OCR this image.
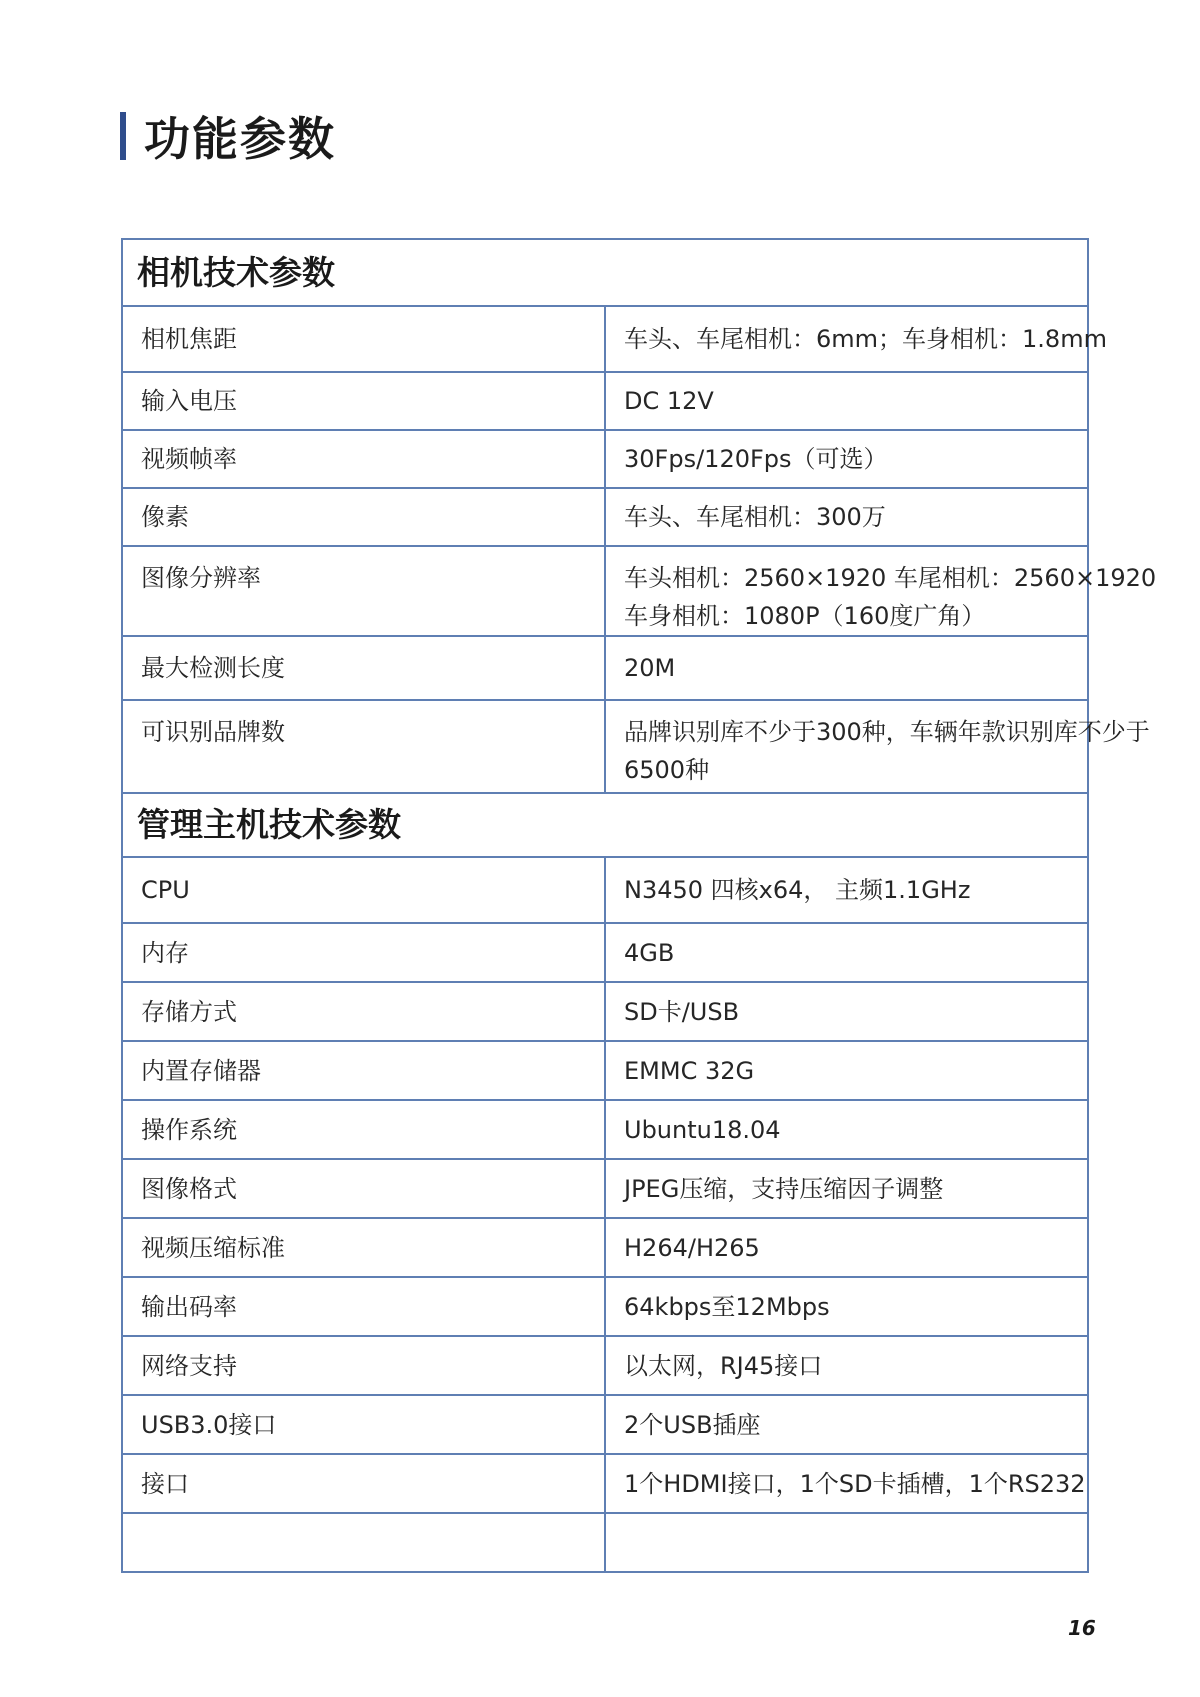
功能参数
相机技术参数	
相机焦距	车头、车尾相机：6mm；车身相机：1.8mm

输入电压	DC 12V

视频帧率	30Fps/120Fps（可选）

像素	车头、车尾相机：300万

图像分辨率	车头相机：2560×1920 车尾相机：2560×1920
车身相机：1080P（160度广角）

最大检测长度	20M

可识别品牌数	品牌识别库不少于300种，车辆年款识别库不少于
6500种

管理主机技术参数	
CPU	N3450 四核x64， 主频1.1GHz

内存	4GB

存储方式	SD卡/USB

内置存储器	EMMC 32G

操作系统	Ubuntu18.04

图像格式	JPEG压缩，支持压缩因子调整

视频压缩标准	H264/H265

输出码率	64kbps至12Mbps

网络支持	以太网，RJ45接口

USB3.0接口	2个USB插座

接口	1个HDMI接口，1个SD卡插槽，1个RS232

16
